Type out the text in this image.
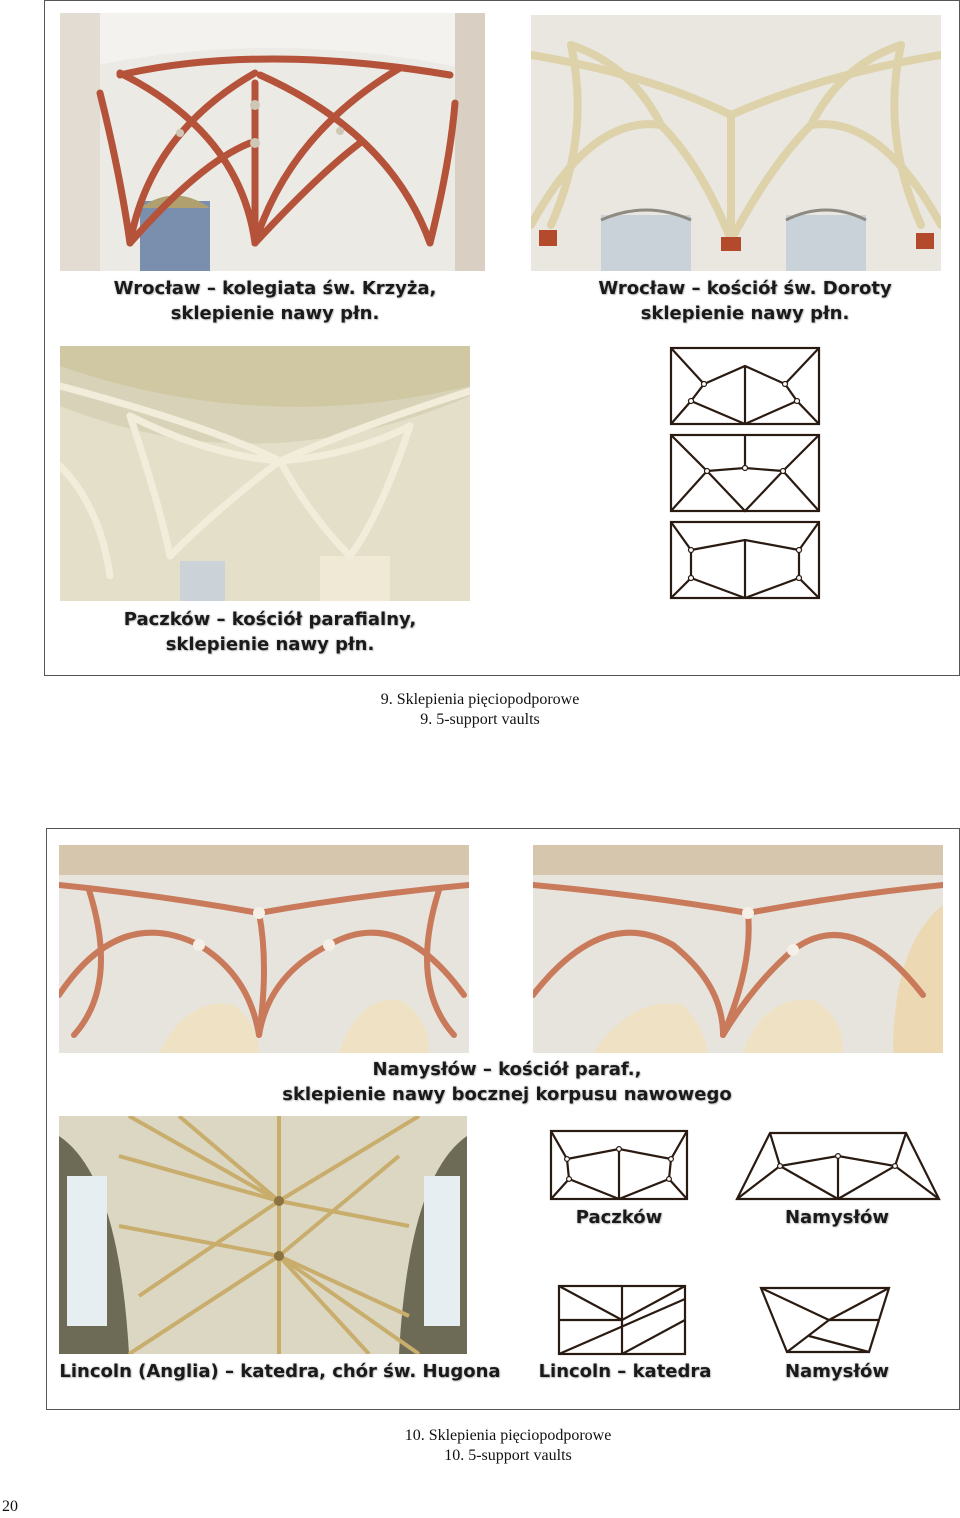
Wrocław – kolegiata św. Krzyża,
sklepienie nawy płn.
Wrocław – kościół św. Doroty
sklepienie nawy płn.
Paczków – kościół parafialny,
sklepienie nawy płn.
9. Sklepienia pięciopodporowe
9. 5-support vaults
Namysłów – kościół paraf.,
sklepienie nawy bocznej korpusu nawowego
Paczków	Namysłów
Lincoln (Anglia) – katedra, chór św. Hugona	Lincoln – katedra	Namysłów
10. Sklepienia pięciopodporowe
10. 5-support vaults
20
